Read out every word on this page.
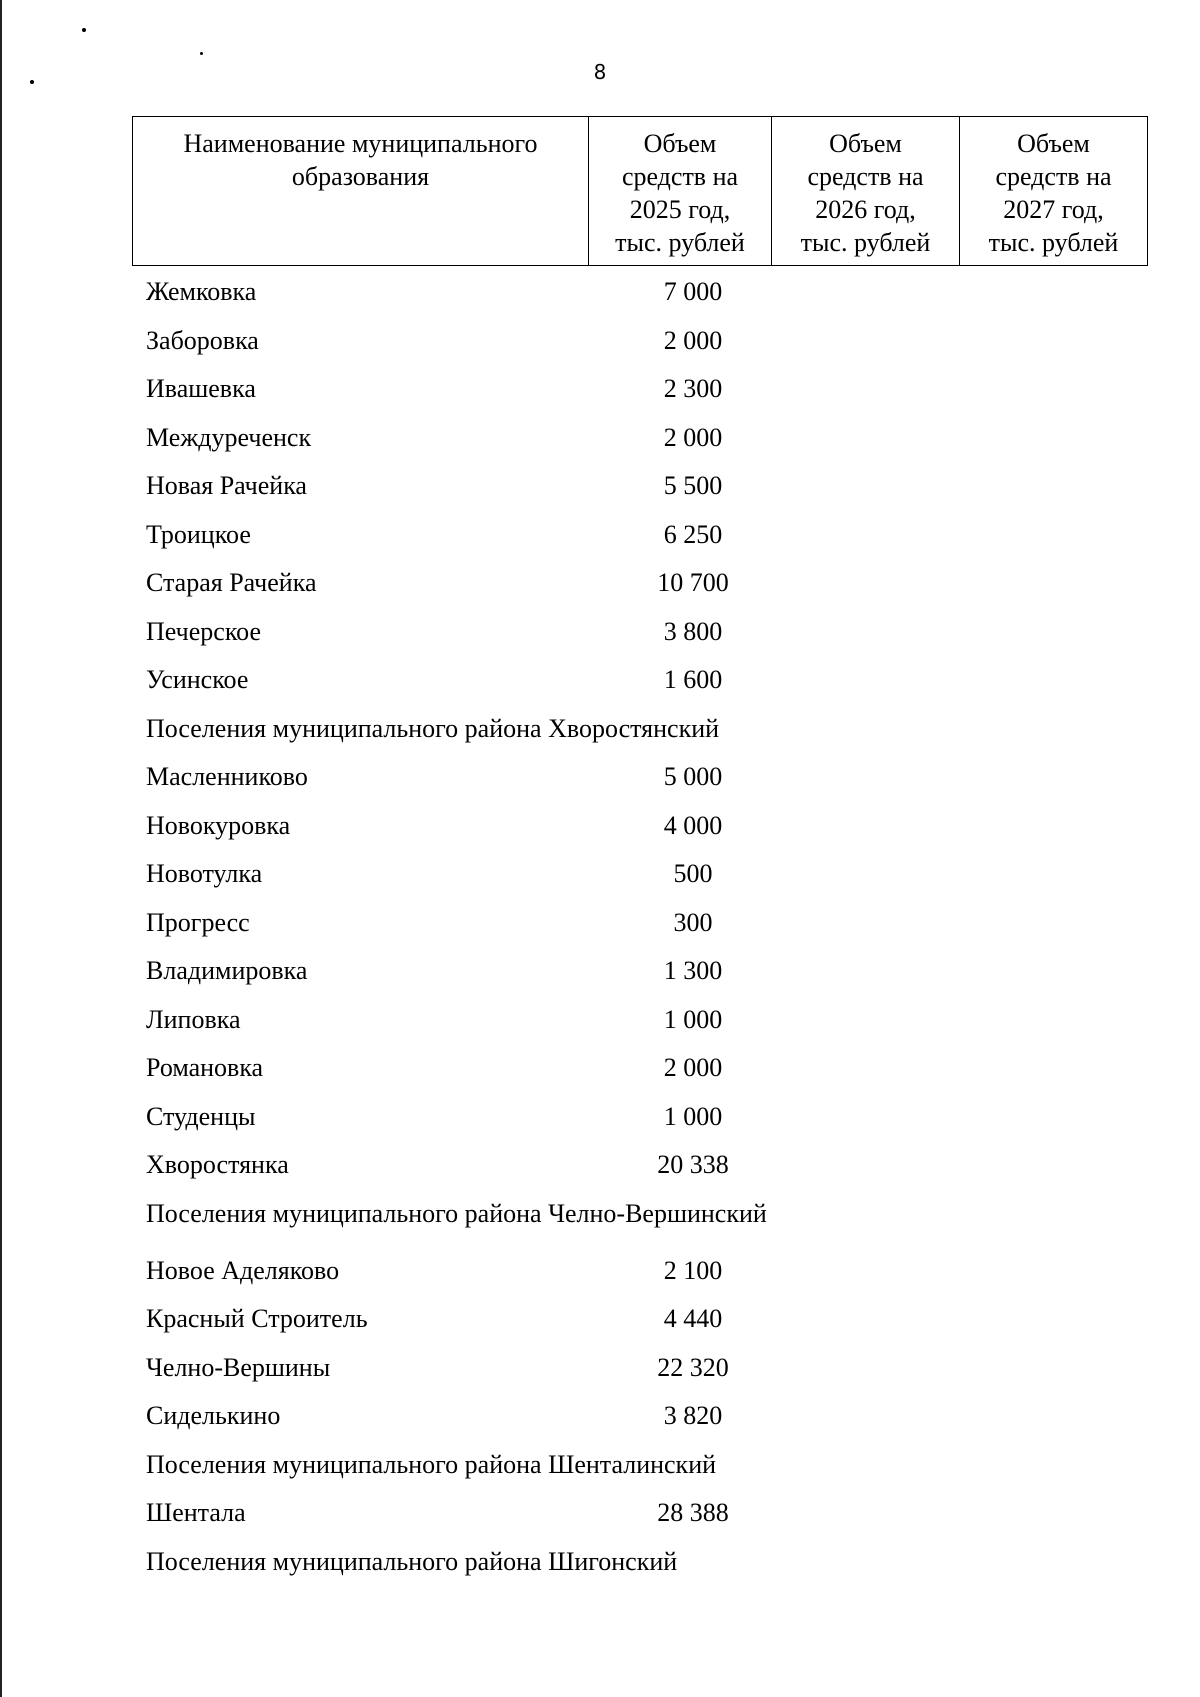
8
Наименование муниципального
образования

Объем
средств на
2025 год,
тыс. рублей

Объем
средств на
2026 год,
тыс. рублей

Объем
средств на
2027 год,
тыс. рублей
Жемковка	7 000
Заборовка	2 000
Ивашевка	2 300
Междуреченск	2 000
Новая Рачейка	5 500
Троицкое	6 250
Старая Рачейка	10 700
Печерское	3 800
Усинское	1 600
Поселения муниципального района Хворостянский
Масленниково	5 000
Новокуровка	4 000
Новотулка	500
Прогресс	300
Владимировка	1 300
Липовка	1 000
Романовка	2 000
Студенцы	1 000
Хворостянка	20 338
Поселения муниципального района Челно-Вершинский
Новое Аделяково	2 100
Красный Строитель	4 440
Челно-Вершины	22 320
Сиделькино	3 820
Поселения муниципального района Шенталинский
Шентала	28 388
Поселения муниципального района Шигонский
